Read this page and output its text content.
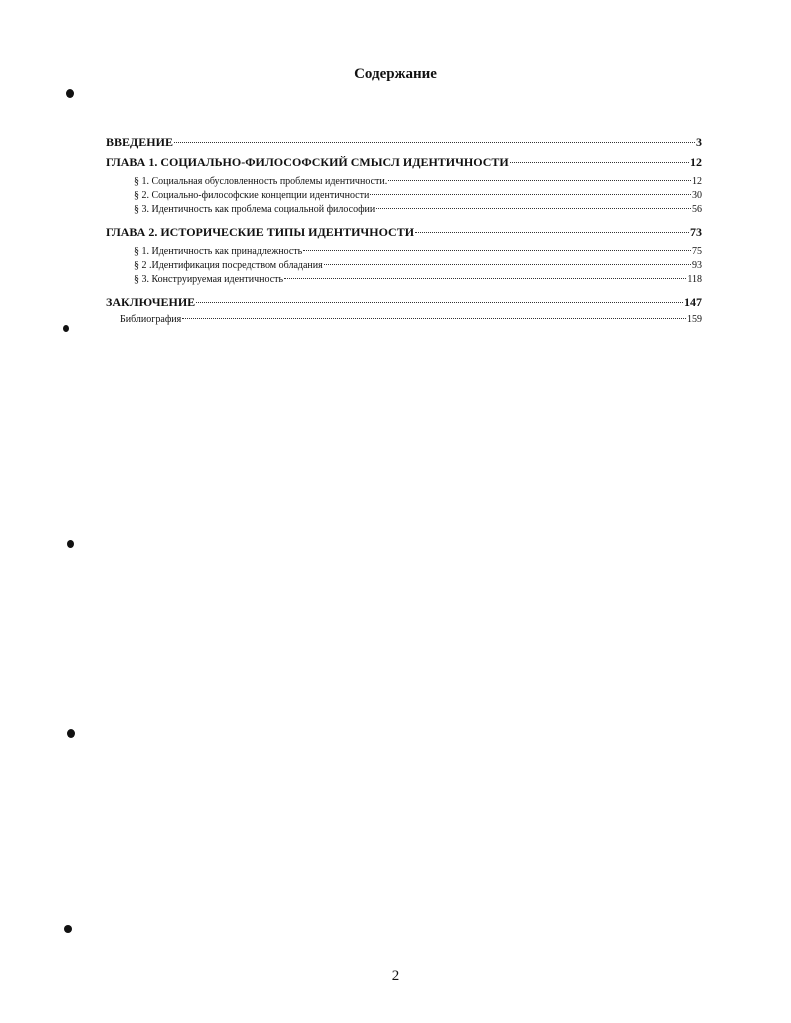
Содержание
ВВЕДЕНИЕ	3
ГЛАВА 1. СОЦИАЛЬНО-ФИЛОСОФСКИЙ СМЫСЛ ИДЕНТИЧНОСТИ	12
§ 1. Социальная обусловленность проблемы идентичности.	12
§ 2. Социально-философские концепции идентичности	30
§ 3. Идентичность как проблема социальной философии	56
ГЛАВА 2. ИСТОРИЧЕСКИЕ ТИПЫ ИДЕНТИЧНОСТИ	73
§ 1. Идентичность как принадлежность	75
§ 2 .Идентификация посредством обладания	93
§ 3. Конструируемая идентичность	118
ЗАКЛЮЧЕНИЕ	147
Библиография	159
2
